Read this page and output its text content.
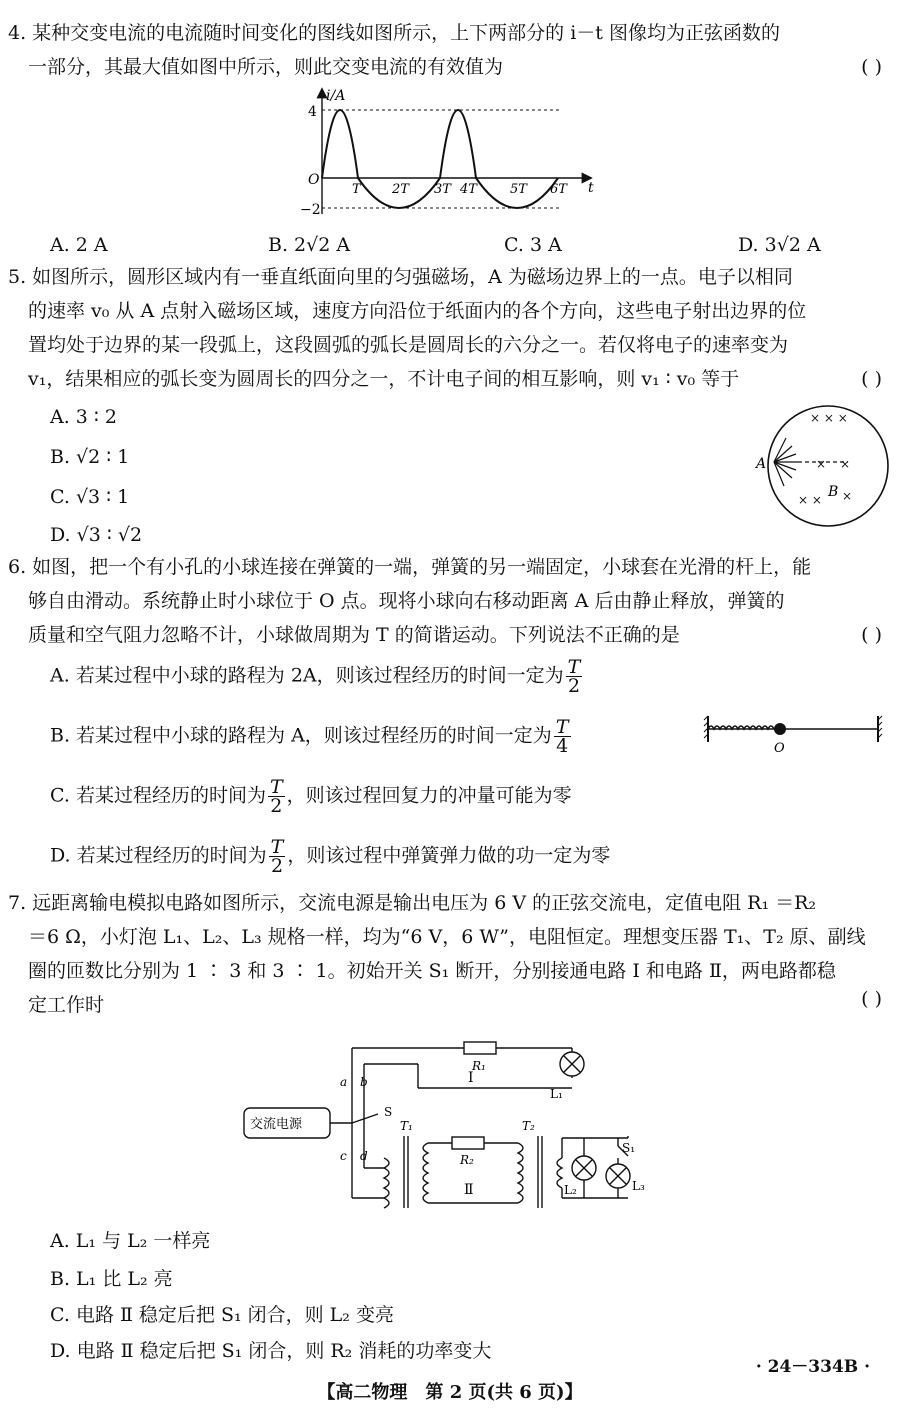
4. 某种交变电流的电流随时间变化的图线如图所示，上下两部分的 i－t 图像均为正弦函数的
一部分，其最大值如图中所示，则此交变电流的有效值为	( )
i/A
4
−2
O	t
T 2T 3T 4T	5T 6T
A. 2 A	B. 2√2 A	C. 3 A	D. 3√2 A
5. 如图所示，圆形区域内有一垂直纸面向里的匀强磁场，A 为磁场边界上的一点。电子以相同
的速率 v₀ 从 A 点射入磁场区域，速度方向沿位于纸面内的各个方向，这些电子射出边界的位
置均处于边界的某一段弧上，这段圆弧的弧长是圆周长的六分之一。若仅将电子的速率变为
v₁，结果相应的弧长变为圆周长的四分之一，不计电子间的相互影响，则 v₁ ∶ v₀ 等于	( )
A. 3 ∶ 2
B. √2 ∶ 1
C. √3 ∶ 1
D. √3 ∶ √2
× × ×
×
×
× × ×
A
B
6. 如图，把一个有小孔的小球连接在弹簧的一端，弹簧的另一端固定，小球套在光滑的杆上，能
够自由滑动。系统静止时小球位于 O 点。现将小球向右移动距离 A 后由静止释放，弹簧的
质量和空气阻力忽略不计，小球做周期为 T 的简谐运动。下列说法不正确的是	( )
A. 若某过程中小球的路程为 2A，则该过程经历的时间一定为 $\frac{T}{2}$
B. 若某过程中小球的路程为 A，则该过程经历的时间一定为 $\frac{T}{4}$
C. 若某过程经历的时间为 $\frac{T}{2}$ ，则该过程回复力的冲量可能为零
D. 若某过程经历的时间为 $\frac{T}{2}$ ，则该过程中弹簧弹力做的功一定为零
O
7. 远距离输电模拟电路如图所示，交流电源是输出电压为 6 V 的正弦交流电，定值电阻 R₁ ＝R₂
＝6 Ω，小灯泡 L₁、L₂、L₃ 规格一样，均为“6 V，6 W”，电阻恒定。理想变压器 T₁、T₂ 原、副线
圈的匝数比分别为 1 ∶ 3 和 3 ∶ 1。初始开关 S₁ 断开，分别接通电路 Ⅰ 和电路 Ⅱ，两电路都稳
( )
定工作时
交流电源
R₁
L₁
Ⅰ
a b
S
c d
T₁
R₂
Ⅱ
T₂
S₁
L₂	L₃
A. L₁ 与 L₂ 一样亮
B. L₁ 比 L₂ 亮
C. 电路 Ⅱ 稳定后把 S₁ 闭合，则 L₂ 变亮
D. 电路 Ⅱ 稳定后把 S₁ 闭合，则 R₂ 消耗的功率变大
· 24－334B ·
【高二物理　第 2 页(共 6 页)】
